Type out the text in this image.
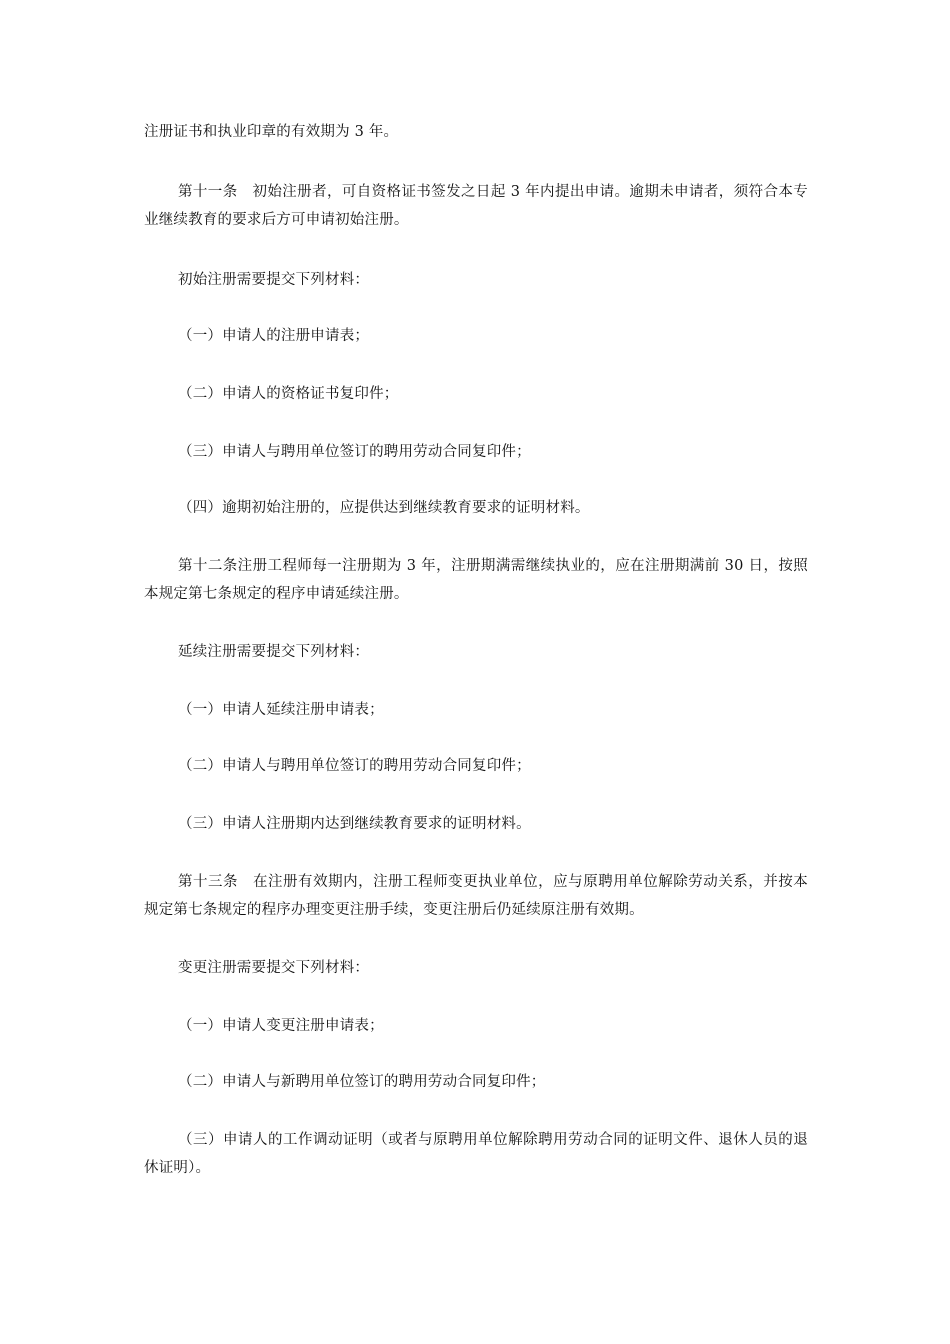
注册证书和执业印章的有效期为 3 年。

第十一条　初始注册者，可自资格证书签发之日起 3 年内提出申请。逾期未申请者，须符合本专业继续教育的要求后方可申请初始注册。

初始注册需要提交下列材料：

（一）申请人的注册申请表；

（二）申请人的资格证书复印件；

（三）申请人与聘用单位签订的聘用劳动合同复印件；

（四）逾期初始注册的，应提供达到继续教育要求的证明材料。

第十二条注册工程师每一注册期为 3 年，注册期满需继续执业的，应在注册期满前 30 日，按照本规定第七条规定的程序申请延续注册。

延续注册需要提交下列材料：

（一）申请人延续注册申请表；

（二）申请人与聘用单位签订的聘用劳动合同复印件；

（三）申请人注册期内达到继续教育要求的证明材料。

第十三条　在注册有效期内，注册工程师变更执业单位，应与原聘用单位解除劳动关系，并按本规定第七条规定的程序办理变更注册手续，变更注册后仍延续原注册有效期。

变更注册需要提交下列材料：

（一）申请人变更注册申请表；

（二）申请人与新聘用单位签订的聘用劳动合同复印件；

（三）申请人的工作调动证明（或者与原聘用单位解除聘用劳动合同的证明文件、退休人员的退休证明）。
